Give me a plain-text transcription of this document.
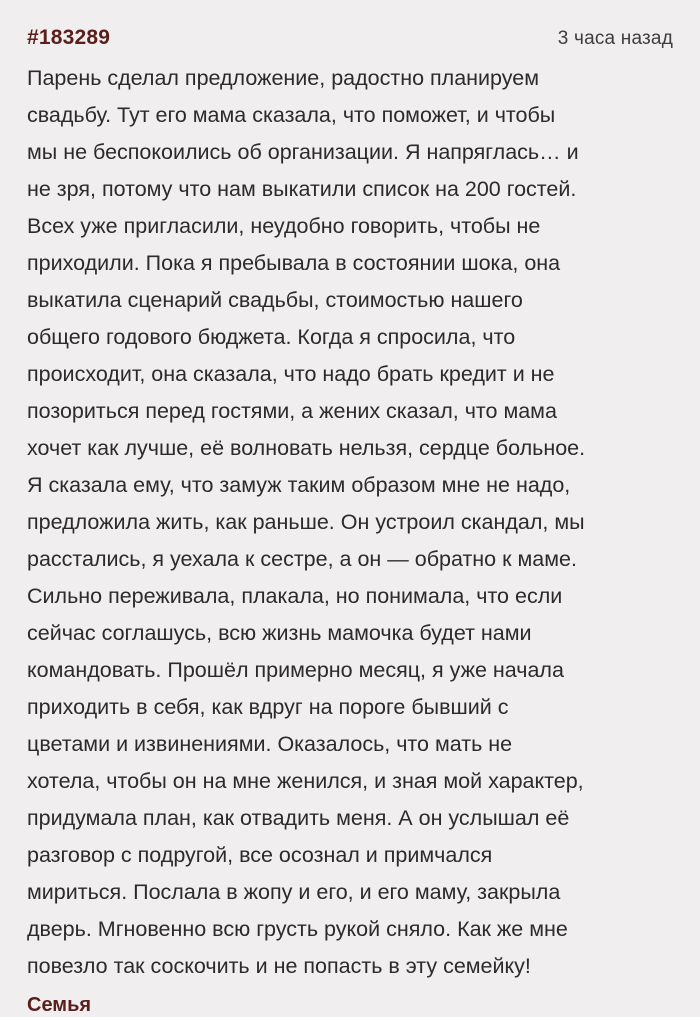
#183289	3 часа назад
Парень сделал предложение, радостно планируем
свадьбу. Тут его мама сказала, что поможет, и чтобы
мы не беспокоились об организации. Я напряглась… и
не зря, потому что нам выкатили список на 200 гостей.
Всех уже пригласили, неудобно говорить, чтобы не
приходили. Пока я пребывала в состоянии шока, она
выкатила сценарий свадьбы, стоимостью нашего
общего годового бюджета. Когда я спросила, что
происходит, она сказала, что надо брать кредит и не
позориться перед гостями, а жених сказал, что мама
хочет как лучше, её волновать нельзя, сердце больное.
Я сказала ему, что замуж таким образом мне не надо,
предложила жить, как раньше. Он устроил скандал, мы
расстались, я уехала к сестре, а он — обратно к маме.
Сильно переживала, плакала, но понимала, что если
сейчас соглашусь, всю жизнь мамочка будет нами
командовать. Прошёл примерно месяц, я уже начала
приходить в себя, как вдруг на пороге бывший с
цветами и извинениями. Оказалось, что мать не
хотела, чтобы он на мне женился, и зная мой характер,
придумала план, как отвадить меня. А он услышал её
разговор с подругой, все осознал и примчался
мириться. Послала в жопу и его, и его маму, закрыла
дверь. Мгновенно всю грусть рукой сняло. Как же мне
повезло так соскочить и не попасть в эту семейку!
Семья
